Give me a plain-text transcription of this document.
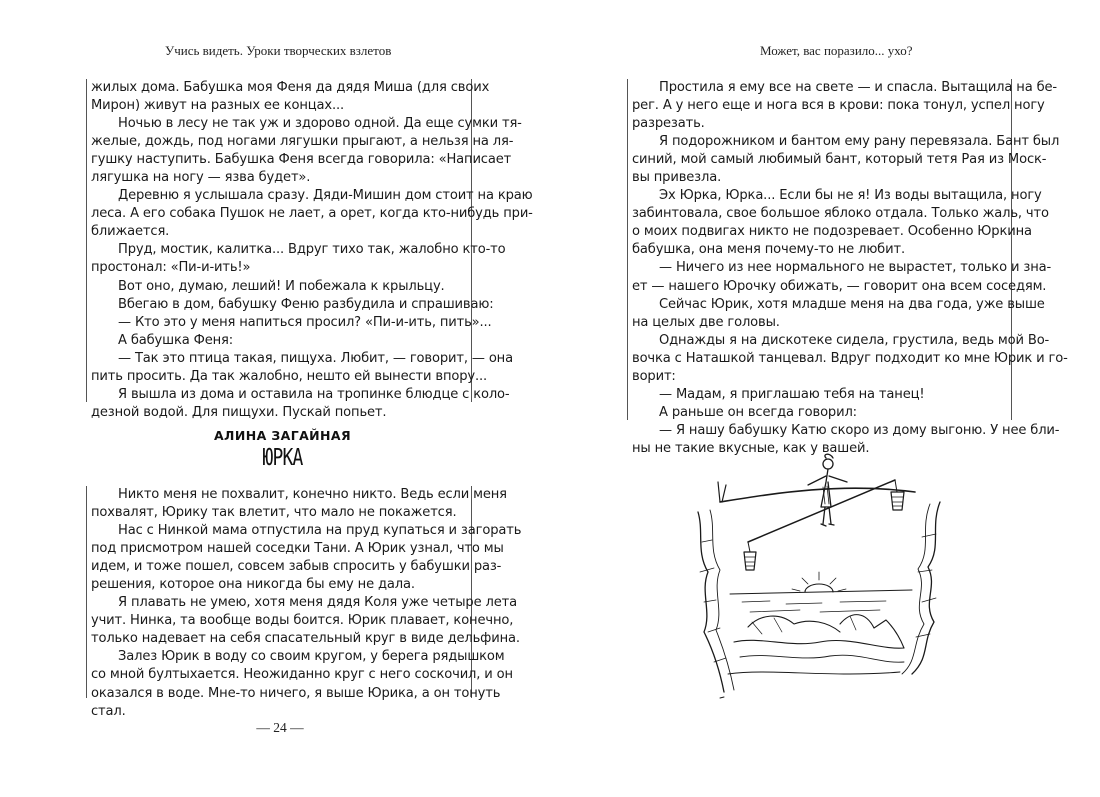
Учись видеть. Уроки творческих взлетов	Может, вас поразило... ухо?
жилых дома. Бабушка моя Феня да дядя Миша (для своих
Мирон) живут на разных ее концах...
Ночью в лесу не так уж и здорово одной. Да еще сумки тя-
желые, дождь, под ногами лягушки прыгают, а нельзя на ля-
гушку наступить. Бабушка Феня всегда говорила: «Написает
лягушка на ногу — язва будет».
Деревню я услышала сразу. Дяди-Мишин дом стоит на краю
леса. А его собака Пушок не лает, а орет, когда кто-нибудь при-
ближается.
Пруд, мостик, калитка... Вдруг тихо так, жалобно кто-то
простонал: «Пи-и-ить!»
Вот оно, думаю, леший! И побежала к крыльцу.
Вбегаю в дом, бабушку Феню разбудила и спрашиваю:
— Кто это у меня напиться просил? «Пи-и-ить, пить»...
А бабушка Феня:
— Так это птица такая, пищуха. Любит, — говорит, — она
пить просить. Да так жалобно, нешто ей вынести впору...
Я вышла из дома и оставила на тропинке блюдце с коло-
дезной водой. Для пищухи. Пускай попьет.
АЛИНА ЗАГАЙНАЯ
ЮРКА
Никто меня не похвалит, конечно никто. Ведь если меня
похвалят, Юрику так влетит, что мало не покажется.
Нас с Нинкой мама отпустила на пруд купаться и загорать
под присмотром нашей соседки Тани. А Юрик узнал, что мы
идем, и тоже пошел, совсем забыв спросить у бабушки раз-
решения, которое она никогда бы ему не дала.
Я плавать не умею, хотя меня дядя Коля уже четыре лета
учит. Нинка, та вообще воды боится. Юрик плавает, конечно,
только надевает на себя спасательный круг в виде дельфина.
Залез Юрик в воду со своим кругом, у берега рядышком
со мной бултыхается. Неожиданно круг с него соскочил, и он
оказался в воде. Мне-то ничего, я выше Юрика, а он тонуть
стал.
— 24 —
Простила я ему все на свете — и спасла. Вытащила на бе-
рег. А у него еще и нога вся в крови: пока тонул, успел ногу
разрезать.
Я подорожником и бантом ему рану перевязала. Бант был
синий, мой самый любимый бант, который тетя Рая из Моск-
вы привезла.
Эх Юрка, Юрка... Если бы не я! Из воды вытащила, ногу
забинтовала, свое большое яблоко отдала. Только жаль, что
о моих подвигах никто не подозревает. Особенно Юркина
бабушка, она меня почему-то не любит.
— Ничего из нее нормального не вырастет, только и зна-
ет — нашего Юрочку обижать, — говорит она всем соседям.
Сейчас Юрик, хотя младше меня на два года, уже выше
на целых две головы.
Однажды я на дискотеке сидела, грустила, ведь мой Во-
вочка с Наташкой танцевал. Вдруг подходит ко мне Юрик и го-
ворит:
— Мадам, я приглашаю тебя на танец!
А раньше он всегда говорил:
— Я нашу бабушку Катю скоро из дому выгоню. У нее бли-
ны не такие вкусные, как у вашей.
